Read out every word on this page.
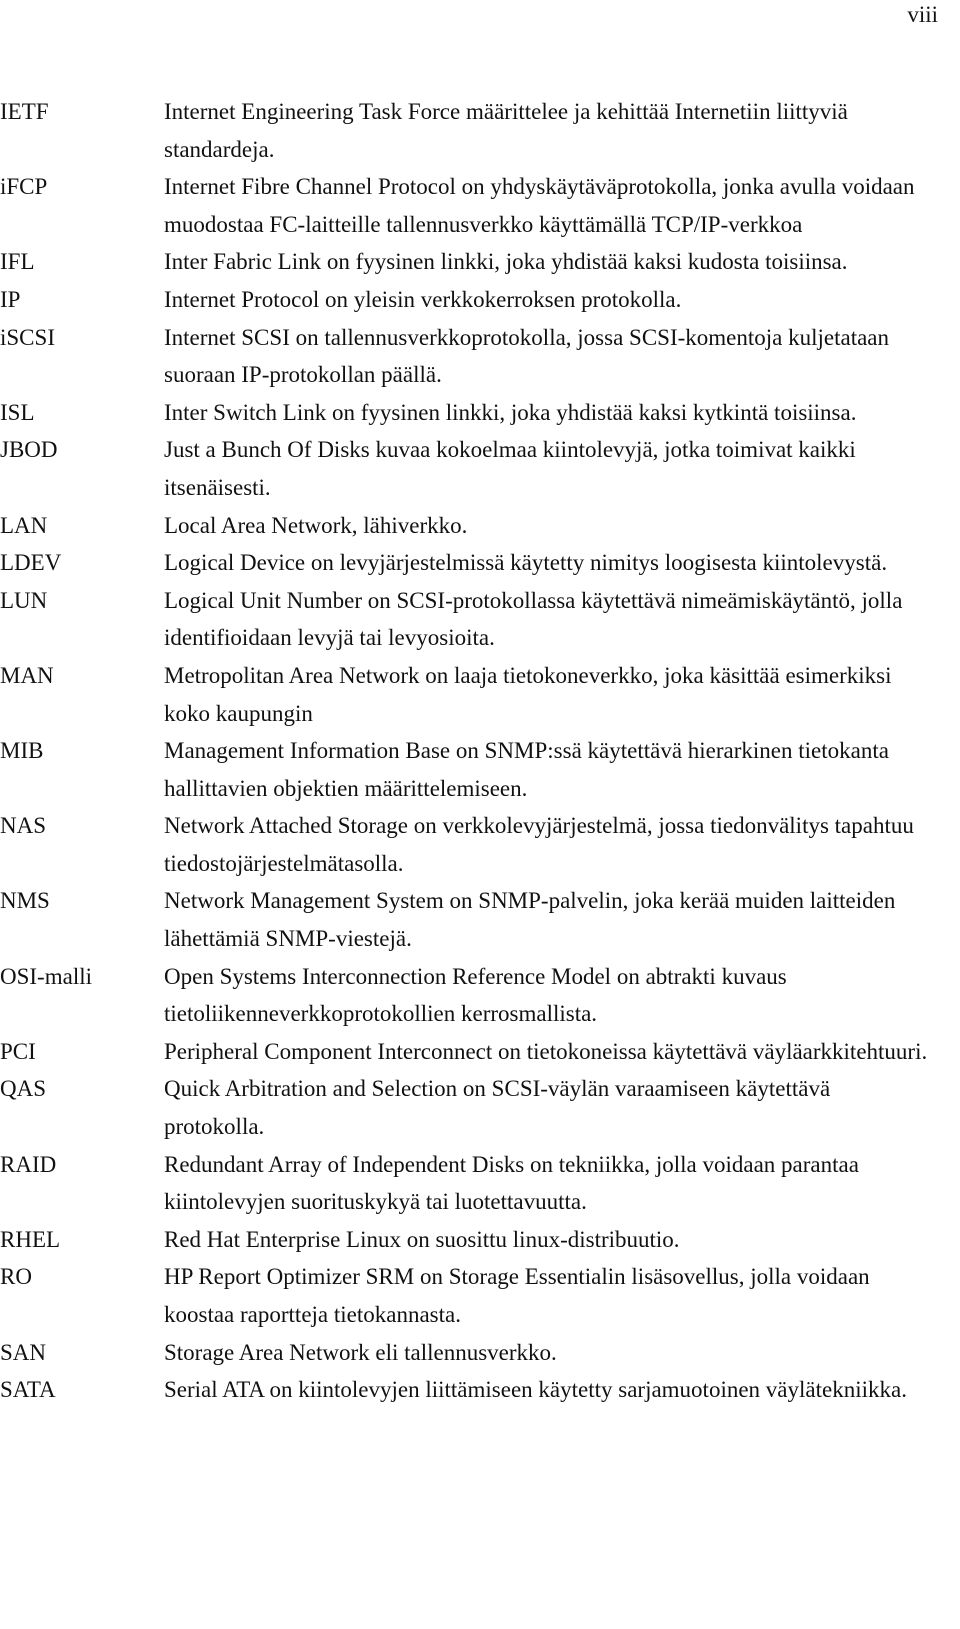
viii
IETF	Internet Engineering Task Force määrittelee ja kehittää Internetiin liittyviä standardeja.
iFCP	Internet Fibre Channel Protocol on yhdyskäytäväprotokolla, jonka avulla voidaan muodostaa FC-laitteille tallennusverkko käyttämällä TCP/IP-verkkoa
IFL	Inter Fabric Link on fyysinen linkki, joka yhdistää kaksi kudosta toisiinsa.
IP	Internet Protocol on yleisin verkkokerroksen protokolla.
iSCSI	Internet SCSI on tallennusverkkoprotokolla, jossa SCSI-komentoja kuljetataan suoraan IP-protokollan päällä.
ISL	Inter Switch Link on fyysinen linkki, joka yhdistää kaksi kytkintä toisiinsa.
JBOD	Just a Bunch Of Disks kuvaa kokoelmaa kiintolevyjä, jotka toimivat kaikki itsenäisesti.
LAN	Local Area Network, lähiverkko.
LDEV	Logical Device on levyjärjestelmissä käytetty nimitys loogisesta kiintolevystä.
LUN	Logical Unit Number on SCSI-protokollassa käytettävä nimeämiskäytäntö, jolla identifioidaan levyjä tai levyosioita.
MAN	Metropolitan Area Network on laaja tietokoneverkko, joka käsittää esimerkiksi koko kaupungin
MIB	Management Information Base on SNMP:ssä käytettävä hierarkinen tietokanta hallittavien objektien määrittelemiseen.
NAS	Network Attached Storage on verkkolevyjärjestelmä, jossa tiedonvälitys tapahtuu tiedostojärjestelmätasolla.
NMS	Network Management System on SNMP-palvelin, joka kerää muiden laitteiden lähettämiä SNMP-viestejä.
OSI-malli	Open Systems Interconnection Reference Model on abtrakti kuvaus tietoliikenneverkkoprotokollien kerrosmallista.
PCI	Peripheral Component Interconnect on tietokoneissa käytettävä väyläarkkitehtuuri.
QAS	Quick Arbitration and Selection on SCSI-väylän varaamiseen käytettävä protokolla.
RAID	Redundant Array of Independent Disks on tekniikka, jolla voidaan parantaa kiintolevyjen suorituskykyä tai luotettavuutta.
RHEL	Red Hat Enterprise Linux on suosittu linux-distribuutio.
RO	HP Report Optimizer SRM on Storage Essentialin lisäsovellus, jolla voidaan koostaa raportteja tietokannasta.
SAN	Storage Area Network eli tallennusverkko.
SATA	Serial ATA on kiintolevyjen liittämiseen käytetty sarjamuotoinen väylätekniikka.
